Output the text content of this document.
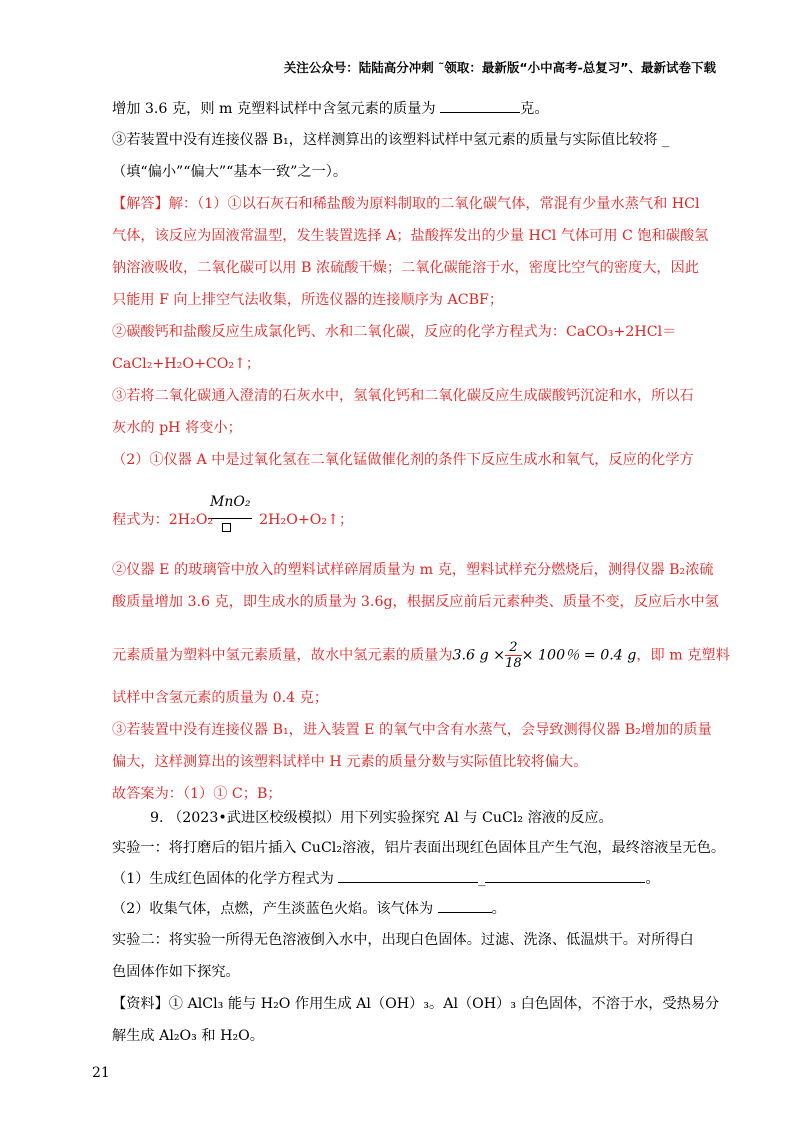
关注公众号：陆陆高分冲刺 ˜领取：最新版“小中高考-总复习”、最新试卷下载
增加 3.6 克，则 m 克塑料试样中含氢元素的质量为	克。
③若装置中没有连接仪器 B₁，这样测算出的该塑料试样中氢元素的质量与实际值比较将 _
（填“偏小”“偏大”“基本一致”之一）。
【解答】解：（1）①以石灰石和稀盐酸为原料制取的二氧化碳气体，常混有少量水蒸气和 HCl
气体，该反应为固液常温型，发生装置选择 A；盐酸挥发出的少量 HCl 气体可用 C 饱和碳酸氢
钠溶液吸收，二氧化碳可以用 B 浓硫酸干燥；二氧化碳能溶于水，密度比空气的密度大，因此
只能用 F 向上排空气法收集，所选仪器的连接顺序为 ACBF；
②碳酸钙和盐酸反应生成氯化钙、水和二氧化碳，反应的化学方程式为：CaCO₃+2HCl＝
CaCl₂+H₂O+CO₂↑；
③若将二氧化碳通入澄清的石灰水中，氢氧化钙和二氧化碳反应生成碳酸钙沉淀和水，所以石
灰水的 pH 将变小；
（2）①仪器 A 中是过氧化氢在二氧化锰做催化剂的条件下反应生成水和氧气，反应的化学方
MnO₂
程式为：2H₂O₂	2H₂O+O₂↑；
②仪器 E 的玻璃管中放入的塑料试样碎屑质量为 m 克，塑料试样充分燃烧后，测得仪器 B₂浓硫
酸质量增加 3.6 克，即生成水的质量为 3.6g，根据反应前后元素种类、质量不变，反应后水中氢
元素质量为塑料中氢元素质量，故水中氢元素的质量为3.6 $g \times \frac{2}{18} \times 100$％ = 0.4 g，即 m 克塑料
试样中含氢元素的质量为 0.4 克；
③若装置中没有连接仪器 B₁，进入装置 E 的氧气中含有水蒸气，会导致测得仪器 B₂增加的质量
偏大，这样测算出的该塑料试样中 H 元素的质量分数与实际值比较将偏大。
故答案为：（1）① C；B；
9. （2023•武进区校级模拟）用下列实验探究 Al 与 CuCl₂ 溶液的反应。
实验一：将打磨后的铝片插入 CuCl₂溶液，铝片表面出现红色固体且产生气泡，最终溶液呈无色。
（1）生成红色固体的化学方程式为	_	。
（2）收集气体，点燃，产生淡蓝色火焰。该气体为	。
实验二：将实验一所得无色溶液倒入水中，出现白色固体。过滤、洗涤、低温烘干。对所得白
色固体作如下探究。
【资料】① AlCl₃ 能与 H₂O 作用生成 Al（OH）₃。Al（OH）₃ 白色固体，不溶于水，受热易分
解生成 Al₂O₃ 和 H₂O。
21
